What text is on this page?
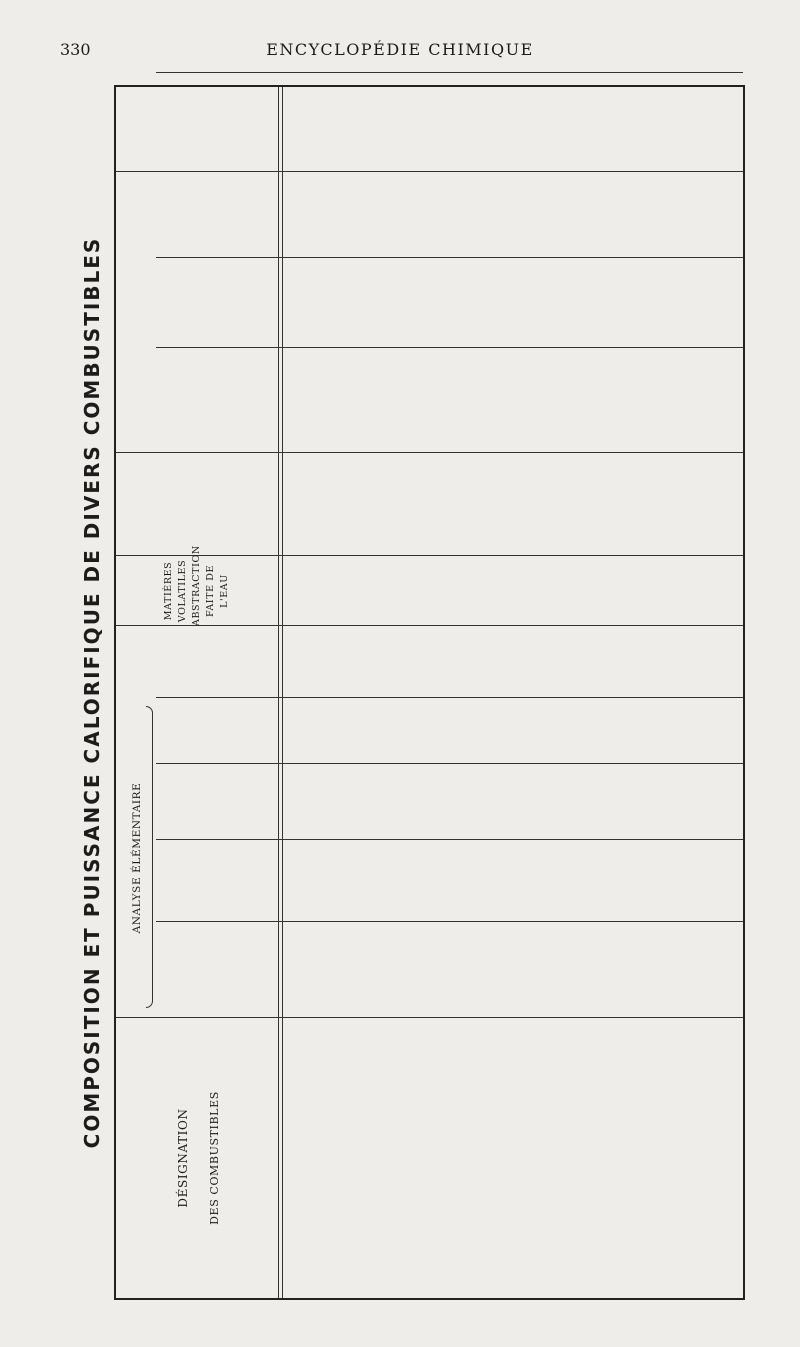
330	ENCYCLOPÉDIE CHIMIQUE
COMPOSITION ET PUISSANCE CALORIFIQUE DE DIVERS COMBUSTIBLES
DÉSIGNATION DES COMBUSTIBLES
ANALYSE ÉLÉMENTAIRE
MATIÈRES VOLATILES ABSTRACTION FAITE DE L'EAU
